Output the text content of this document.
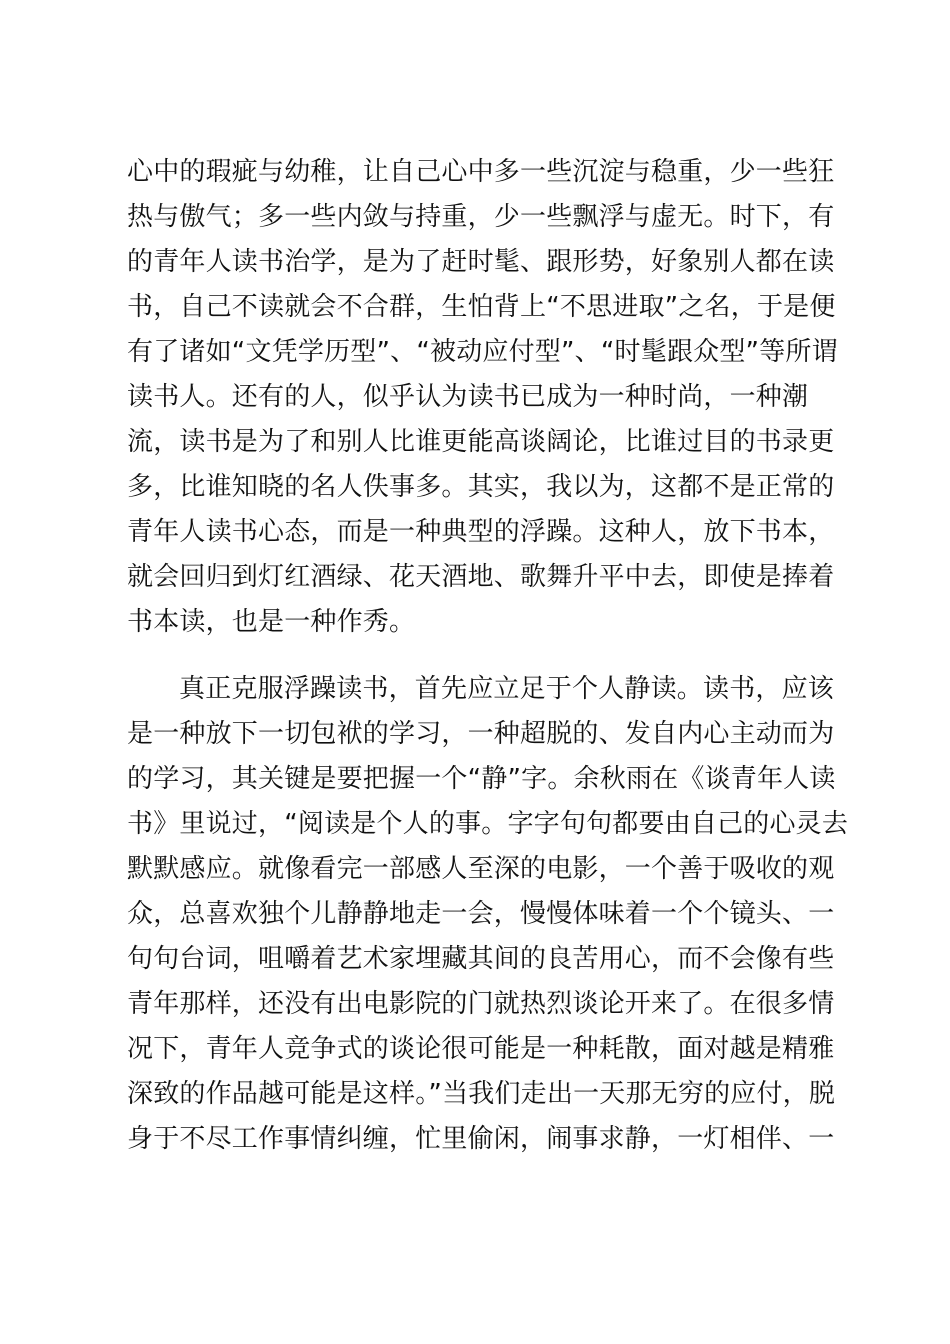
心中的瑕疵与幼稚，让自己心中多一些沉淀与稳重，少一些狂
热与傲气；多一些内敛与持重，少一些飘浮与虚无。时下，有
的青年人读书治学，是为了赶时髦、跟形势，好象别人都在读
书，自己不读就会不合群，生怕背上“不思进取”之名，于是便
有了诸如“文凭学历型”、“被动应付型”、“时髦跟众型”等所谓
读书人。还有的人，似乎认为读书已成为一种时尚，一种潮
流，读书是为了和别人比谁更能高谈阔论，比谁过目的书录更
多，比谁知晓的名人佚事多。其实，我以为，这都不是正常的
青年人读书心态，而是一种典型的浮躁。这种人，放下书本，
就会回归到灯红酒绿、花天酒地、歌舞升平中去，即使是捧着
书本读，也是一种作秀。
真正克服浮躁读书，首先应立足于个人静读。读书，应该
是一种放下一切包袱的学习，一种超脱的、发自内心主动而为
的学习，其关键是要把握一个“静”字。余秋雨在《谈青年人读
书》里说过，“阅读是个人的事。字字句句都要由自己的心灵去
默默感应。就像看完一部感人至深的电影，一个善于吸收的观
众，总喜欢独个儿静静地走一会，慢慢体味着一个个镜头、一
句句台词，咀嚼着艺术家埋藏其间的良苦用心，而不会像有些
青年那样，还没有出电影院的门就热烈谈论开来了。在很多情
况下，青年人竞争式的谈论很可能是一种耗散，面对越是精雅
深致的作品越可能是这样。”当我们走出一天那无穷的应付，脱
身于不尽工作事情纠缠，忙里偷闲，闹事求静，一灯相伴、一
